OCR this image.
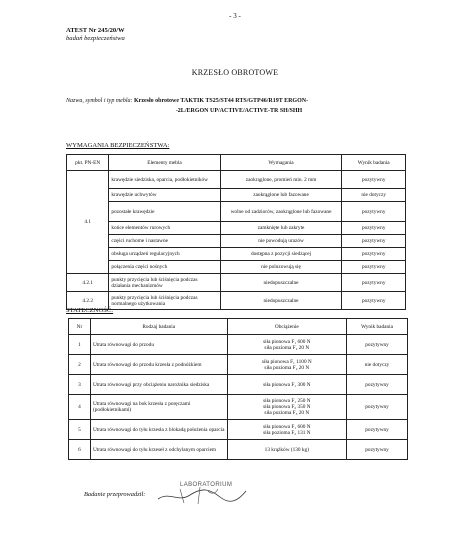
- 3 -
ATEST Nr 245/20/W
badań bezpieczeństwa
KRZESŁO OBROTOWE
Nazwa, symbol i typ mebla: Krzesło obrotowe TAKTIK TS25/ST44 RTS/GTP46/R19T ERGON-
-2L/ERGON UP/ACTIVE/ACTIVE-TR SH/SHH
WYMAGANIA BEZPIECZEŃSTWA:
pkt. PN-EN	Elementy mebla	Wymagania	Wynik badania
4.1	krawędzie siedziska, oparcia, podłokietników	zaokrąglone, promień min. 2 mm	pozytywny
	krawędzie uchwytów	zaokrąglone lub fazowane	nie dotyczy
	pozostałe krawędzie	wolne od zadziorów, zaokrąglone lub fazowane	pozytywny
	końce elementów rurowych	zamknięte lub zakryte	pozytywny
	części ruchome i nastawne	nie powodują urazów	pozytywny
	obsługa urządzeń regulacyjnych	dostępna z pozycji siedzącej	pozytywny
	połączenia części nośnych	nie poluzowują się	pozytywny
4.2.1	punkty przycięcia lub ściśnięcia podczas działania mechanizmów	niedopuszczalne	pozytywny
4.2.2	punkty przycięcia lub ściśnięcia podczas normalnego użytkowania	niedopuszczalne	pozytywny
STATECZNOŚĆ:
Nr	Rodzaj badania	Obciążenie	Wynik badania
1	Utrata równowagi do przodu	siła pionowa F₁ 600 N
siła pozioma F₂ 20 N	pozytywny
2	Utrata równowagi do przodu krzesła z podnóżkiem	siła pionowa F₁ 1100 N
siła pozioma F₂ 20 N	nie dotyczy
3	Utrata równowagi przy obciążeniu narożnika siedziska	siła pionowa F₁ 300 N	pozytywny
4	Utrata równowagi na bok krzesła z poręczami (podłokietnikami)	siła pionowa F₁ 250 N
siła pionowa F₂ 350 N
siła pozioma F₃ 20 N	pozytywny
5	Utrata równowagi do tyłu krzesła z blokadą położenia oparcia	siła pionowa F₁ 600 N
siła pozioma F₂ 131 N	pozytywny
6	Utrata równowagi do tyłu krzeseł z odchylanym oparciem	13 krążków (130 kg)	pozytywny
Badanie przeprowadził:
LABORATORIUM
